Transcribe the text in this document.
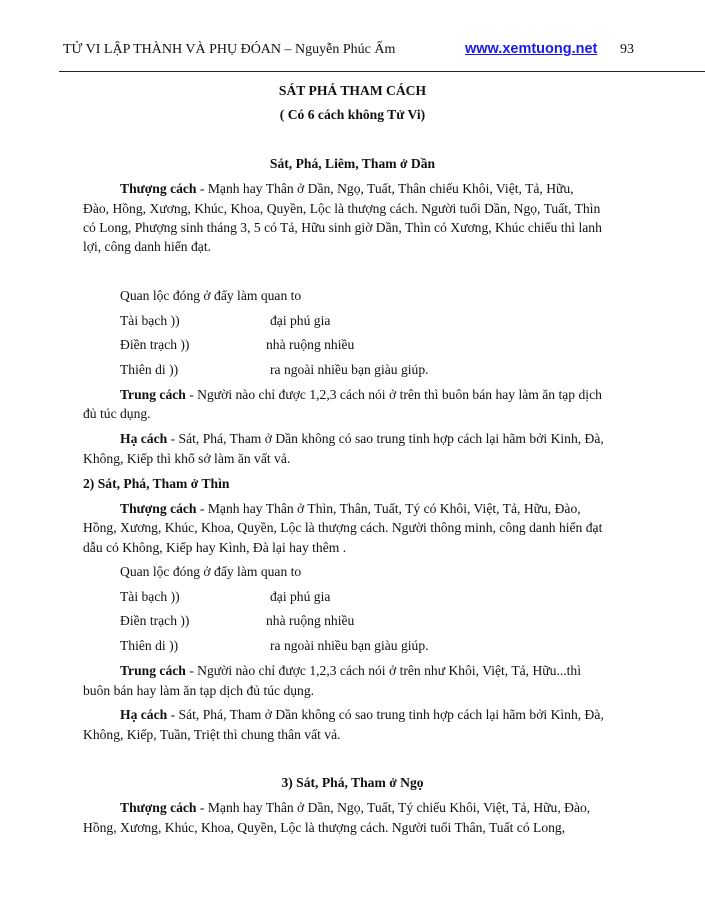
TỬ VI LẬP THÀNH VÀ PHỤ ĐÓAN – Nguyễn Phúc Ấm	www.xemtuong.net 93
SÁT PHÁ THAM CÁCH
( Có 6 cách không Tử Vi)
Sát, Phá, Liêm, Tham ở Dần
Thượng cách - Mạnh hay Thân ở Dần, Ngọ, Tuất, Thân chiếu Khôi, Việt, Tả, Hữu,
Đào, Hồng, Xương, Khúc, Khoa, Quyền, Lộc là thượng cách. Người tuổi Dần, Ngọ, Tuất, Thìn
có Long, Phượng sinh tháng 3, 5 có Tả, Hữu sinh giờ Dần, Thìn có Xương, Khúc chiếu thì lanh
lợi, công danh hiển đạt.
Quan lộc đóng ở đấy làm quan to
Tài bạch ))	đại phú gia
Điền trạch ))	nhà ruộng nhiều
Thiên di ))	ra ngoài nhiều bạn giàu giúp.
Trung cách - Người nào chỉ được 1,2,3 cách nói ở trên thì buôn bán hay làm ăn tạp dịch
đủ túc dụng.
Hạ cách - Sát, Phá, Tham ở Dần không có sao trung tinh hợp cách lại hãm bởi Kinh, Đà,
Không, Kiếp thì khổ sở làm ăn vất vả.
2) Sát, Phá, Tham ở Thìn
Thượng cách - Mạnh hay Thân ở Thìn, Thân, Tuất, Tý có Khôi, Việt, Tả, Hữu, Đào,
Hồng, Xương, Khúc, Khoa, Quyền, Lộc là thượng cách. Người thông minh, công danh hiển đạt
dẫu có Không, Kiếp hay Kình, Đà lại hay thêm .
Quan lộc đóng ở đấy làm quan to
Tài bạch ))	đại phú gia
Điền trạch ))	nhà ruộng nhiều
Thiên di ))	ra ngoài nhiều bạn giàu giúp.
Trung cách - Người nào chỉ được 1,2,3 cách nói ở trên như Khôi, Việt, Tả, Hữu...thì
buôn bán hay làm ăn tạp dịch đủ túc dụng.
Hạ cách - Sát, Phá, Tham ở Dần không có sao trung tinh hợp cách lại hãm bởi Kình, Đà,
Không, Kiếp, Tuần, Triệt thì chung thân vất vả.
3) Sát, Phá, Tham ở Ngọ
Thượng cách - Mạnh hay Thân ở Dần, Ngọ, Tuất, Tý chiếu Khôi, Việt, Tả, Hữu, Đào,
Hồng, Xương, Khúc, Khoa, Quyền, Lộc là thượng cách. Người tuổi Thân, Tuất có Long,
